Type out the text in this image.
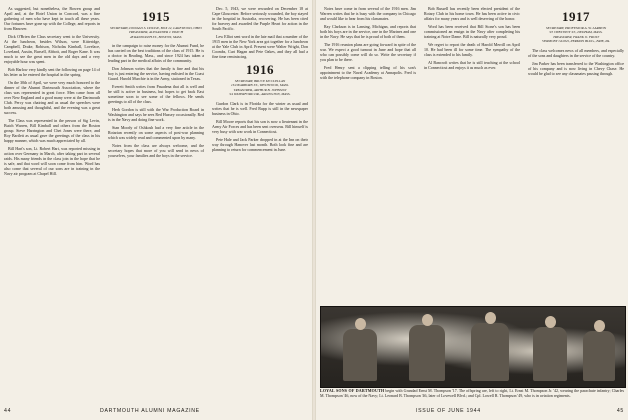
As suggested, but nonetheless, the Bowen group and April and, at the Hotel Union in Concord, was a fine gathering of men who have kept in touch all these years. Our fortunes have gone up with the College, and reports in from Hanover.

Dick O'Brien the Class secretary went to the University. At the luncheon, besides Wilson, were Kitteridge, Campbell, Drake, Robison, Nicholas Kimball, Lovelace, Loveland, Austin, Bursell, Abbott, and Roger Kane. It was much to see the great men in the old days and a very enjoyable hour was spent.

Bob Harlow very kindly sent the following on page 14 of his letter as he entered the hospital in the spring.

On the 30th of April, we were very much honored to the dinner of the Alumni Dartmouth Association, where the class was represented in great force. Men came from all over New England and a good many were at the Dartmouth Club. Percy was chairing and as usual the speeches were both amusing and thoughtful, and the evening was a great success.

The Class was represented in the person of Sig Levin, Butch Warren, Bill Kimball and others from the Boston group. Steve Harrington and Chet Jones were there, and Roy Bartlett as usual gave the greetings of the class in his happy manner, which was much appreciated by all.

Bill Hart's son, Lt. Robert Hart, was reported missing in action over Germany in March, after taking part in several raids. His many friends in the class join in the hope that he is safe, and that word will soon come from him. Word has also come that several of our sons are in training in the Navy air program at Chapel Hill.

1915
SECRETARY, DONALD S. DODGE, BOX 12, LAKEWOOD, OHIO
TREASURER, ALEXANDER J. HATCH
48 RANDOLPH ST., BOSTON, MASS.

in the campaign to raise money for the Alumni Fund, he has carried on the best traditions of the class of 1915. He is a doctor in Reading, Mass., and since 1924 has taken a leading part in the medical affairs of the community.

Don Johnson writes that the family is fine and that his boy is just entering the service, having enlisted in the Coast Guard. Harold Murchie is in the Army, stationed in Texas.

Everett Smith writes from Pasadena that all is well and he still is active in business, but hopes to get back East sometime soon to see some of the fellows. He sends greetings to all of the class.

Herb Gordon is still with the War Production Board in Washington and says he sees Red Hussey occasionally. Red is in the Navy and doing fine work.

Stan Moody of Oshkosh had a very fine article in the Rotarian recently on some aspects of post-war planning which was widely read and commented upon by many.

Notes from the class are always welcome, and the secretary hopes that more of you will send in news of yourselves, your families and the boys in the service.

Dec. 5, 1943, we were rewarded on December 18 at Cape Gloucester. Before seriously wounded, the boy stayed in the hospital in Australia, recovering. He has been cited for bravery and awarded the Purple Heart for action in the South Pacific.

Lew Elliot sent word in the late mail that a number of the 1915 men in the New York area got together for a luncheon at the Yale Club in April. Present were Walter Wright, Don Coombs, Curt Hagan and Pete Oakes, and they all had a fine time reminiscing.

1916
SECRETARY, BRUCE MCCLELLAN
16 DEARBORN ST., WESTWOOD, MASS.
TREASURER, ARTHUR B. JOHNSON
94 WATERFORD DR., ARLINGTON, MASS.

Gurdon Clark is in Florida for the winter as usual and writes that he is well. Fred Rupp is still in the newspaper business in Ohio.

Bill Moore reports that his son is now a lieutenant in the Army Air Forces and has been sent overseas. Bill himself is very busy with war work in Connecticut.

Pete Hale and Jack Parker dropped in at the Inn on their way through Hanover last month. Both look fine and are planning to return for commencement in June.

DARTMOUTH ALUMNI MAGAZINE
44

Notes have come in from several of the 1916 men. Jim Warren writes that he is busy with the company in Chicago and would like to hear from his classmates.

Ray Clarkson is in Lansing, Michigan, and reports that both his boys are in the service, one in the Marines and one in the Navy. He says that he is proud of both of them.

The 1916 reunion plans are going forward in spite of the war. We expect a good turnout in June and hope that all who can possibly come will do so. Write the secretary if you plan to be there.

Fred Henry sent a clipping telling of his son's appointment to the Naval Academy at Annapolis. Fred is with the telephone company in Boston.

Bob Russell has recently been elected president of the Rotary Club in his home town. He has been active in civic affairs for many years and is well deserving of the honor.

Word has been received that Bill Stone's son has been commissioned an ensign in the Navy after completing his training at Notre Dame. Bill is naturally very proud.

We regret to report the death of Harold Merrill on April 10. He had been ill for some time. The sympathy of the class is extended to his family.

Al Bancroft writes that he is still teaching at the school in Connecticut and enjoys it as much as ever.

1917
SECRETARY, PROFESSOR A. W. LARMON
93 CHESTNUT ST., DEDHAM, MASS.
TREASURER, FRANK O. FROST
VERMONT GUILD, PERKINS BLDG., ERIE, PA.

The class welcomes news of all members, and especially of the sons and daughters in the service of the country.

Jim Parker has been transferred to the Washington office of his company and is now living in Chevy Chase. He would be glad to see any classmates passing through.

LOYAL SONS OF DARTMOUTH begin with Grandad Ernst M. Thompson '17. The offspring are, left to right, Lt. Ernst M. Thompson Jr. '42, wearing the parachute infantry; Charles M. Thompson '46, now of the Navy; Lt. Leonard B. Thompson '46, later of Lovewell Blvd.; and Cpl. Lowell R. Thompson '49, who is in aviation regiments.
ISSUE OF JUNE 1944	45
